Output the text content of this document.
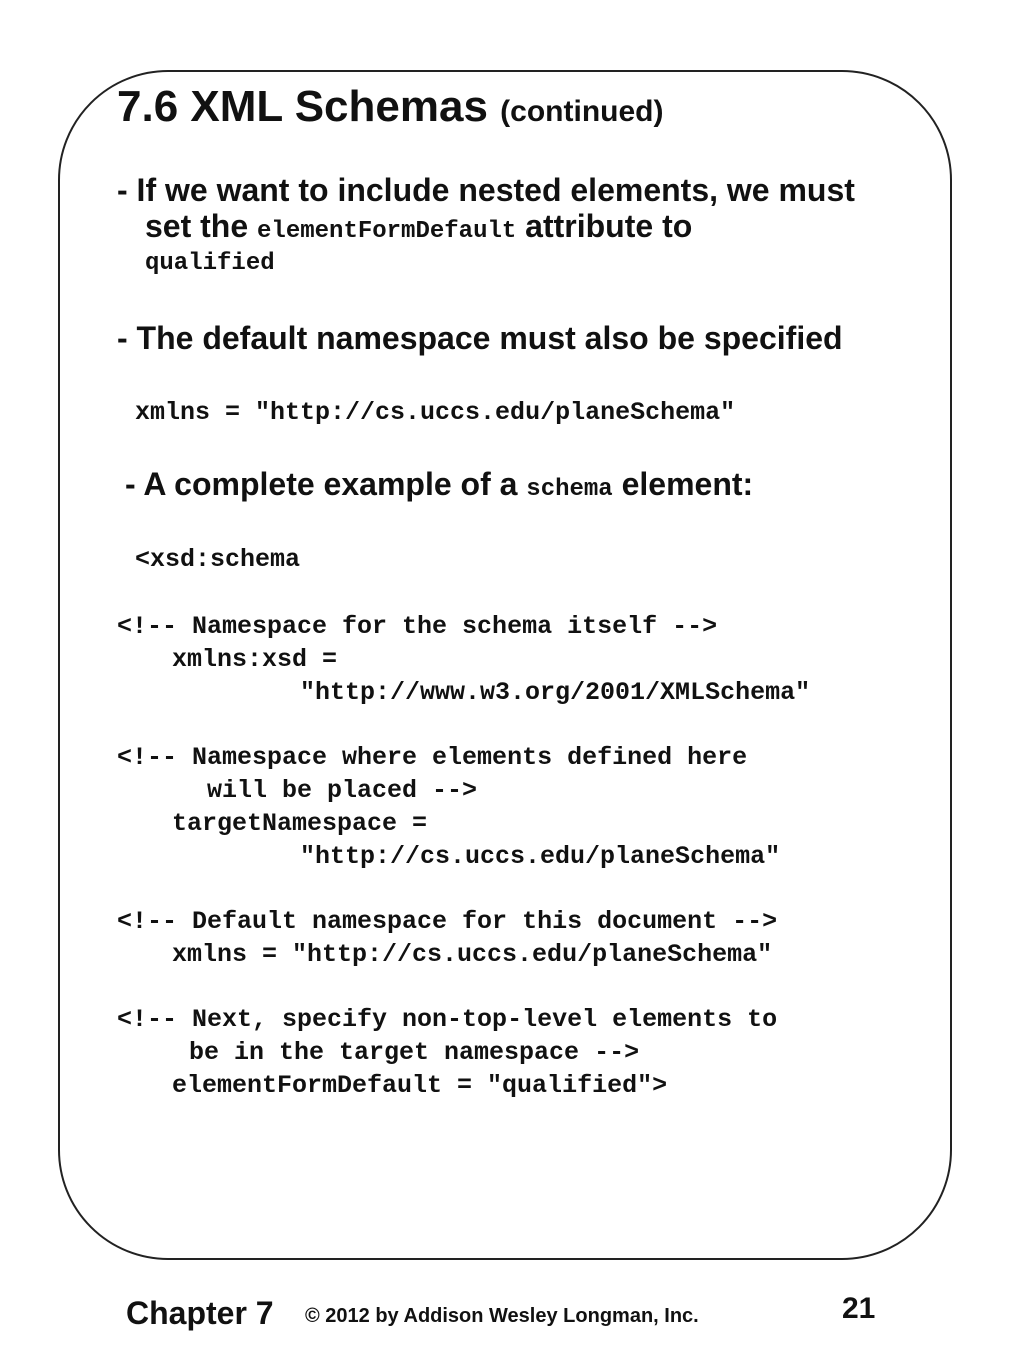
7.6 XML Schemas (continued)
- If we want to include nested elements, we must
set the elementFormDefault attribute to
qualified
- The default namespace must also be specified
xmlns = "http://cs.uccs.edu/planeSchema"
- A complete example of a schema element:
<xsd:schema
<!-- Namespace for the schema itself -->
xmlns:xsd =
"http://www.w3.org/2001/XMLSchema"
<!-- Namespace where elements defined here
will be placed -->
targetNamespace =
"http://cs.uccs.edu/planeSchema"
<!-- Default namespace for this document -->
xmlns = "http://cs.uccs.edu/planeSchema"
<!-- Next, specify non-top-level elements to
be in the target namespace -->
elementFormDefault = "qualified">
Chapter 7 © 2012 by Addison Wesley Longman, Inc.	21
